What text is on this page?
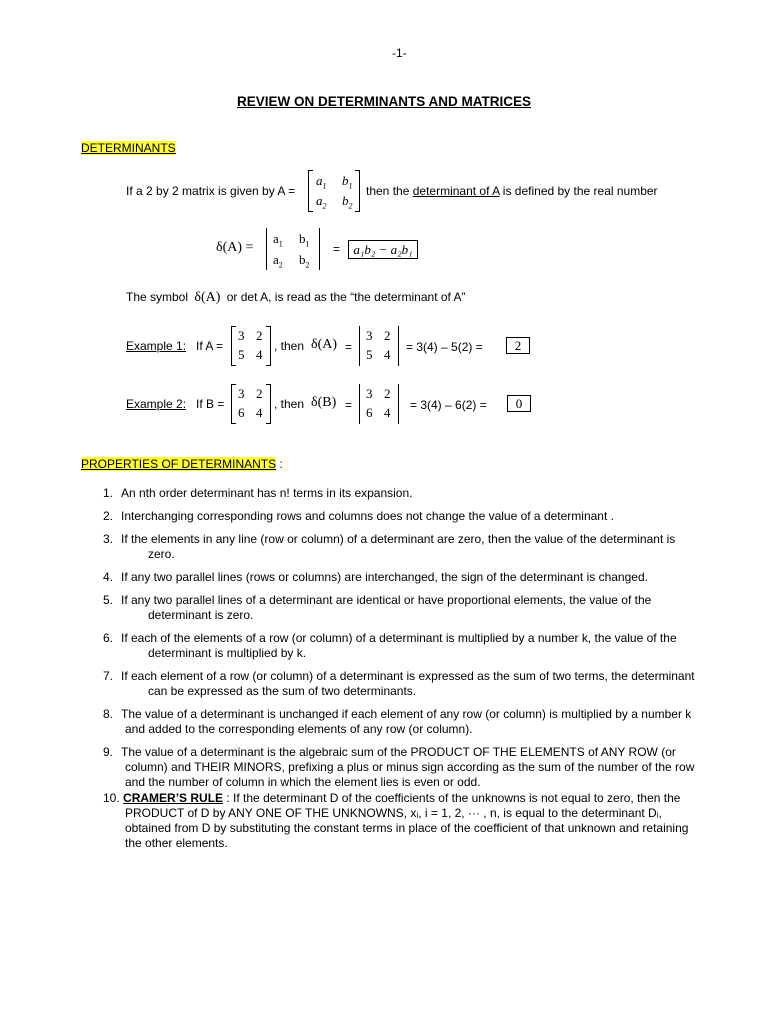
-1-
REVIEW ON DETERMINANTS AND MATRICES
DETERMINANTS
If a 2 by 2 matrix is given by A =
$a_1$ $b_1$
$a_2$ $b_2$
then the determinant of A is defined by the real number
δ(A) =
$a_1$ $b_1$
$a_2$ $b_2$
=	a₁b₂ − a₂b₁
The symbol δ(A) or det A, is read as the “the determinant of A”
Example 1: If A =
3 2
5 4
, then δ(A) =
3 2
5 4 = 3(4) – 5(2) =	2
Example 2: If B =
3 2
6 4
, then δ(B) =
3 2
6 4 = 3(4) – 6(2) =	0
PROPERTIES OF DETERMINANTS :
1. An nth order determinant has n! terms in its expansion.
2. Interchanging corresponding rows and columns does not change the value of a determinant .
3. If the elements in any line (row or column) of a determinant are zero, then the value of the determinant is
zero.
4. If any two parallel lines (rows or columns) are interchanged, the sign of the determinant is changed.
5. If any two parallel lines of a determinant are identical or have proportional elements, the value of the
determinant is zero.
6. If each of the elements of a row (or column) of a determinant is multiplied by a number k, the value of the
determinant is multiplied by k.
7. If each element of a row (or column) of a determinant is expressed as the sum of two terms, the determinant
can be expressed as the sum of two determinants.
8. The value of a determinant is unchanged if each element of any row (or column) is multiplied by a number k
and added to the corresponding elements of any row (or column).
9. The value of a determinant is the algebraic sum of the PRODUCT OF THE ELEMENTS of ANY ROW (or
column) and THEIR MINORS, prefixing a plus or minus sign according as the sum of the number of the row
and the number of column in which the element lies is even or odd.
10. CRAMER’S RULE : If the determinant D of the coefficients of the unknowns is not equal to zero, then the
PRODUCT of D by ANY ONE OF THE UNKNOWNS, xᵢ, i = 1, 2, ··· , n, is equal to the determinant Dᵢ,
obtained from D by substituting the constant terms in place of the coefficient of that unknown and retaining
the other elements.
